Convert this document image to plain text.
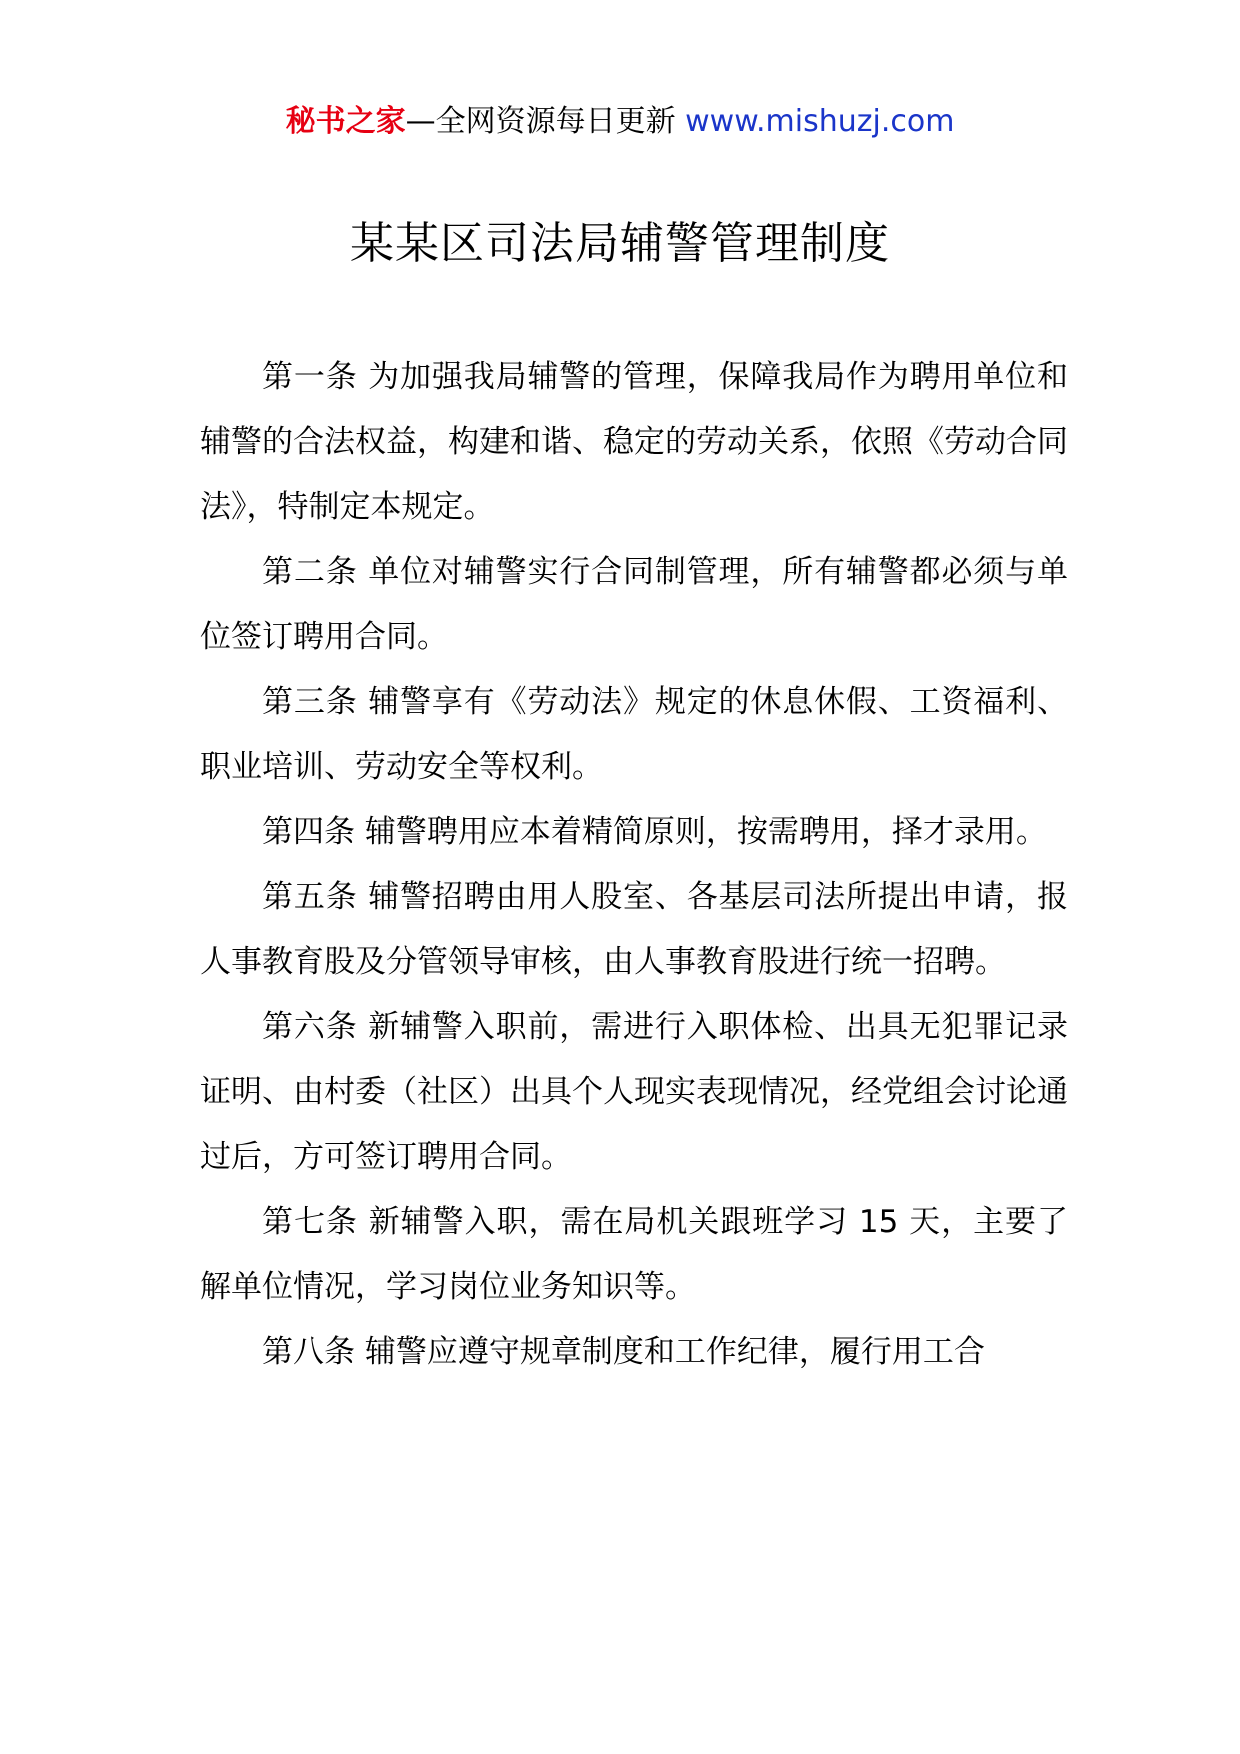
秘书之家—全网资源每日更新 www.mishuzj.com
某某区司法局辅警管理制度

第一条 为加强我局辅警的管理，保障我局作为聘用单位和辅警的合法权益，构建和谐、稳定的劳动关系，依照《劳动合同法》，特制定本规定。

第二条 单位对辅警实行合同制管理，所有辅警都必须与单位签订聘用合同。

第三条 辅警享有《劳动法》规定的休息休假、工资福利、职业培训、劳动安全等权利。

第四条 辅警聘用应本着精简原则，按需聘用，择才录用。

第五条 辅警招聘由用人股室、各基层司法所提出申请，报人事教育股及分管领导审核，由人事教育股进行统一招聘。

第六条 新辅警入职前，需进行入职体检、出具无犯罪记录证明、由村委（社区）出具个人现实表现情况，经党组会讨论通过后，方可签订聘用合同。

第七条 新辅警入职，需在局机关跟班学习 15 天，主要了解单位情况，学习岗位业务知识等。

第八条 辅警应遵守规章制度和工作纪律，履行用工合
